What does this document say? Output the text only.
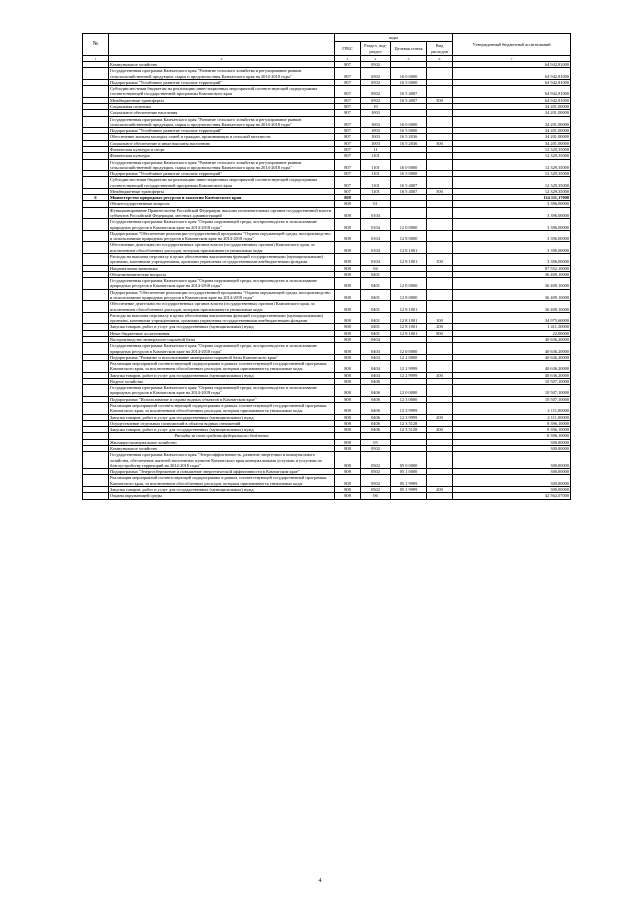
№		коды				Утвержденный бюджетный ассигнований
		ГРБС	Раздел, под-раздел	Целевая статья	Вид расходов	
1	2	3	4	5	6	7
	Коммунальное хозяйство	807	0502			64 942,81000
	Государственная программа Камчатского края "Развитие сельского хозяйства и регулирование рынков сельскохозяйственной продукции, сырья и продовольствия Камчатского края на 2014-2018 годы"	807	0502	16 0 0000		64 942,81000
	Подпрограмма "Устойчивое развитие сельских территорий"	807	0502	16 5 0000		64 942,81000
	Субсидии местным бюджетам на реализацию инвестиционных мероприятий соответствующей подпрограммы соответствующей государственной программы Камчатского края	807	0502	16 5 4007		64 942,81000
	Межбюджетные трансферты	807	0502	16 5 4007	500	64 942,81000
	Социальная политика	807	10			34 201,00000
	Социальное обеспечение населения	807	1003			34 201,00000
	Государственная программа Камчатского края "Развитие сельского хозяйства и регулирование рынков сельскохозяйственной продукции, сырья и продовольствия Камчатского края на 2014-2018 годы"	807	1003	16 0 0000		34 201,00000
	Подпрограмма "Устойчивое развитие сельских территорий"	807	1003	16 5 0000		34 201,00000
	Обеспечение жильем молодых семей и граждан, проживающих в сельской местности	807	1003	16 5 2036		34 201,00000
	Социальное обеспечение и иные выплаты населению	807	1003	16 5 2036	300	34 201,00000
	Физическая культура и спорт	807	11			12 329,35000
	Физическая культура	807	1101			12 329,35000
	Государственная программа Камчатского края "Развитие сельского хозяйства и регулирование рынков сельскохозяйственной продукции, сырья и продовольствия Камчатского края на 2014-2018 годы"	807	1101	16 0 0000		12 329,35000
	Подпрограмма "Устойчивое развитие сельских территорий"	807	1101	16 5 0000		12 329,35000
	Субсидии местным бюджетам на реализацию инвестиционных мероприятий соответствующей подпрограммы соответствующей государственной программы Камчатского края	807	1101	16 5 4007		12 329,35000
	Межбюджетные трансферты	807	1101	16 5 4007	500	12 329,35000
6	Министерство природных ресурсов и экологии Камчатского края	808				134 111,17000
	Общегосударственные вопросы	808	01			3 396,00000
	Функционирование Правительства Российской Федерации, высших исполнительных органов государственной власти субъектов Российской Федерации, местных администраций	808	0104			3 396,00000
	Государственная программа Камчатского края "Охрана окружающей среды, воспроизводство и использование природных ресурсов в Камчатском крае на 2014-2018 годы"	808	0104	12 0 0000		3 396,00000
	Подпрограмма "Обеспечение реализации государственной программы "Охрана окружающей среды, воспроизводство и использование природных ресурсов в Камчатском крае на 2014-2018 годы"	808	0104	12 8 0000		3 396,00000
	Обеспечение деятельности государственных органов власти (государственных органов) Камчатского края, за исключением обособленных расходов, которым присваиваются уникальные коды	808	0104	12 8 1001		3 396,00000
	Расходы на выплаты персоналу в целях обеспечения выполнения функций государственными (муниципальными) органами, казенными учреждениями, органами управления государственными внебюджетными фондами	808	0104	12 8 1001	100	3 396,00000
	Национальная экономика	808	04			87 552,10000
	Общеэкономические вопросы	808	0401			36 409,10000
	Государственная программа Камчатского края "Охрана окружающей среды, воспроизводство и использование природных ресурсов в Камчатском крае на 2014-2018 годы"	808	0401	12 0 0000		36 409,10000
	Подпрограмма "Обеспечение реализации государственной программы "Охрана окружающей среды, воспроизводство и использование природных ресурсов в Камчатском крае на 2014-2018 годы"	808	0401	12 8 0000		36 409,10000
	Обеспечение деятельности государственных органов власти (государственных органов) Камчатского края, за исключением обособленных расходов, которым присваиваются уникальные коды	808	0401	12 8 1001		36 409,10000
	Расходы на выплаты персоналу в целях обеспечения выполнения функций государственными (муниципальными) органами, казенными учреждениями, органами управления государственными внебюджетными фондами	808	0401	12 8 1001	100	34 975,60000
	Закупка товаров, работ и услуг для государственных (муниципальных) нужд	808	0401	12 8 1001	200	1 411,50000
	Иные бюджетные ассигнования	808	0401	12 8 1001	800	22,00000
	Воспроизводство минерально-сырьевой базы	808	0404			40 636,20000
	Государственная программа Камчатского края "Охрана окружающей среды, воспроизводство и использование природных ресурсов в Камчатском крае на 2014-2018 годы"	808	0404	12 0 0000		40 636,20000
	Подпрограмма "Развитие и использование минерально-сырьевой базы Камчатского края"	808	0404	12 2 0000		40 636,20000
	Реализация мероприятий соответствующей подпрограммы в рамках соответствующей государственной программы Камчатского края, за исключением обособленных расходов, которым присваиваются уникальные коды	808	0404	12 2 9999		40 636,20000
	Закупка товаров, работ и услуг для государственных (муниципальных) нужд	808	0404	12 2 9999	200	40 636,20000
	Водное хозяйство	808	0406			10 507,10000
	Государственная программа Камчатского края "Охрана окружающей среды, воспроизводство и использование природных ресурсов в Камчатском крае на 2014-2018 годы"	808	0406	12 0 0000		10 507,10000
	Подпрограмма "Использование и охрана водных объектов в Камчатском крае"	808	0406	12 3 0000		10 507,10000
	Реализация мероприятий соответствующей подпрограммы в рамках соответствующей государственной программы Камчатского края, за исключением обособленных расходов, которым присваиваются уникальные коды	808	0406	12 3 9999		2 111,00000
	Закупка товаров, работ и услуг для государственных (муниципальных) нужд	808	0406	12 3 9999	200	2 111,00000
	Осуществление отдельных полномочий в области водных отношений	808	0406	12 3 5128		8 396,10000
	Закупка товаров, работ и услуг для государственных (муниципальных) нужд	808	0406	12 3 5128	200	8 396,10000
	Расходы за счет средств федерального бюджета					8 396,10000
	Жилищно-коммунальное хозяйство	808	05			300,00000
	Коммунальное хозяйство	808	0502			300,00000
	Государственная программа Камчатского края "Энергоэффективность, развитие энергетики и коммунального хозяйства, обеспечение жителей населенных пунктов Камчатского края коммунальными услугами и услугами по благоустройству территорий на 2014-2018 годы"	808	0502	05 0 0000		300,00000
	Подпрограмма "Энергосбережение и повышение энергетической эффективности в Камчатском крае"	808	0502	05 1 0000		300,00000
	Реализация мероприятий соответствующей подпрограммы в рамках соответствующей государственной программы Камчатского края, за исключением обособленных расходов, которым присваиваются уникальные коды	808	0502	05 1 9999		300,00000
	Закупка товаров, работ и услуг для государственных (муниципальных) нужд	808	0502	05 1 9999	200	300,00000
	Охрана окружающей среды	808	06			42 562,07000
4
